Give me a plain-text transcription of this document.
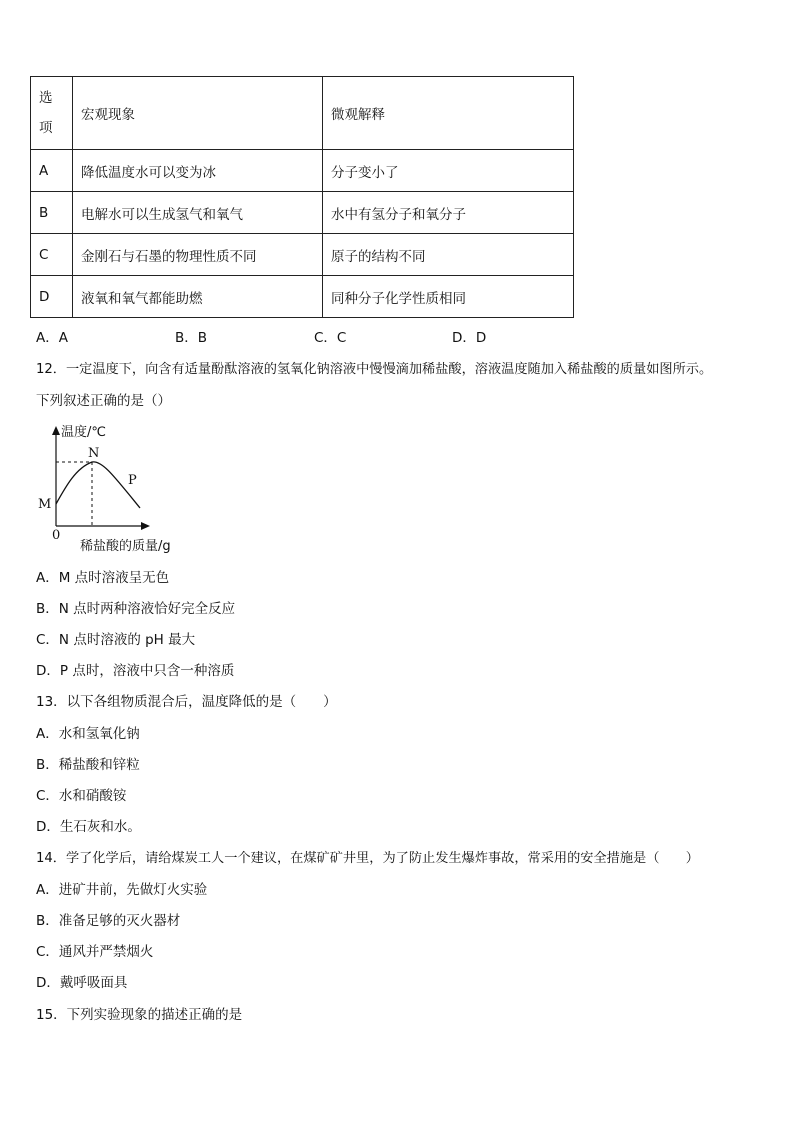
选
项	宏观现象	微观解释
A	降低温度水可以变为冰	分子变小了
B	电解水可以生成氢气和氧气	水中有氢分子和氧分子
C	金刚石与石墨的物理性质不同	原子的结构不同
D	液氧和氧气都能助燃	同种分子化学性质相同
A．A	B．B	C．C	D．D
12．一定温度下，向含有适量酚酞溶液的氢氧化钠溶液中慢慢滴加稀盐酸，溶液温度随加入稀盐酸的质量如图所示。
下列叙述正确的是（）
温度/℃
稀盐酸的质量/g
0
M
N
P
A．M 点时溶液呈无色
B．N 点时两种溶液恰好完全反应
C．N 点时溶液的 pH 最大
D．P 点时，溶液中只含一种溶质
13．以下各组物质混合后，温度降低的是（　　）
A．水和氢氧化钠
B．稀盐酸和锌粒
C．水和硝酸铵
D．生石灰和水。
14．学了化学后，请给煤炭工人一个建议，在煤矿矿井里，为了防止发生爆炸事故，常采用的安全措施是（　　）
A．进矿井前，先做灯火实验
B．准备足够的灭火器材
C．通风并严禁烟火
D．戴呼吸面具
15．下列实验现象的描述正确的是
